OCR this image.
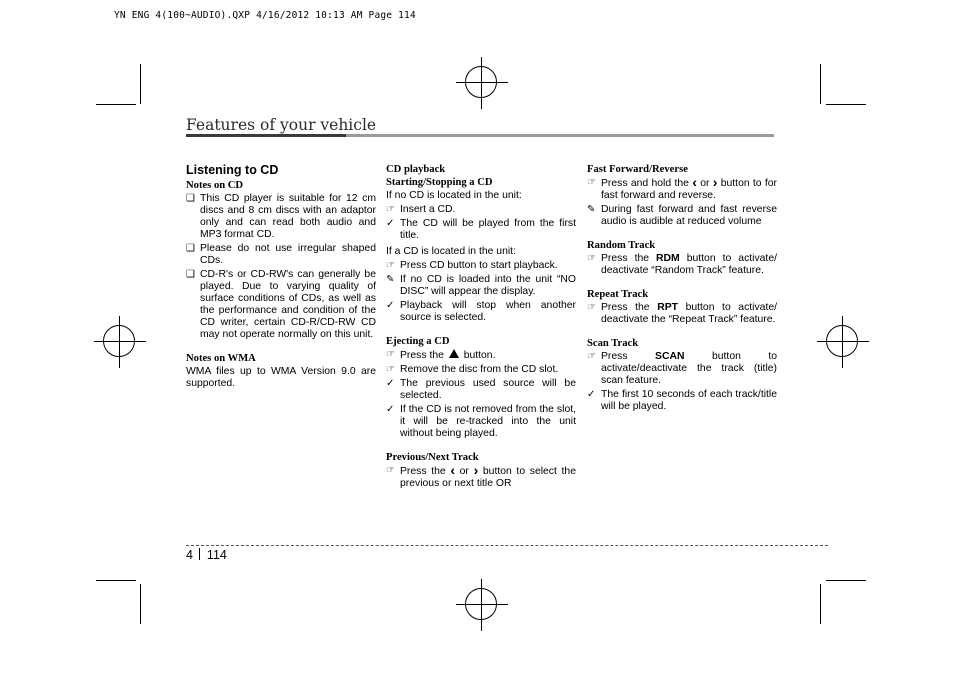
YN ENG 4(100~AUDIO).QXP 4/16/2012 10:13 AM Page 114
Features of your vehicle
Listening to CD
Notes on CD
❑ This CD player is suitable for 12 cm discs and 8 cm discs with an adaptor only and can read both audio and MP3 format CD.
❑ Please do not use irregular shaped CDs.
❑ CD-R's or CD-RW's can generally be played. Due to varying quality of surface conditions of CDs, as well as the performance and condition of the CD writer, certain CD-R/CD-RW CD may not operate normally on this unit.
Notes on WMA
WMA files up to WMA Version 9.0 are supported.
CD playback
Starting/Stopping a CD
If no CD is located in the unit:
☞ Insert a CD.
✓ The CD will be played from the first title.
If a CD is located in the unit:
☞ Press CD button to start playback.
✎ If no CD is loaded into the unit “NO DISC” will appear the display.
✓ Playback will stop when another source is selected.
Ejecting a CD
☞ Press the button.
☞ Remove the disc from the CD slot.
✓ The previous used source will be selected.
✓ If the CD is not removed from the slot, it will be re-tracked into the unit without being played.
Previous/Next Track
☞ Press the ‹ or › button to select the previous or next title OR
Fast Forward/Reverse
☞ Press and hold the ‹ or › button to for fast forward and reverse.
✎ During fast forward and fast reverse audio is audible at reduced volume
Random Track
☞ Press the RDM button to activate/ deactivate “Random Track” feature.
Repeat Track
☞ Press the RPT button to activate/ deactivate the “Repeat Track” feature.
Scan Track
☞ Press	SCAN	button to activate/deactivate the track (title) scan feature.
✓ The first 10 seconds of each track/title will be played.
4 114
